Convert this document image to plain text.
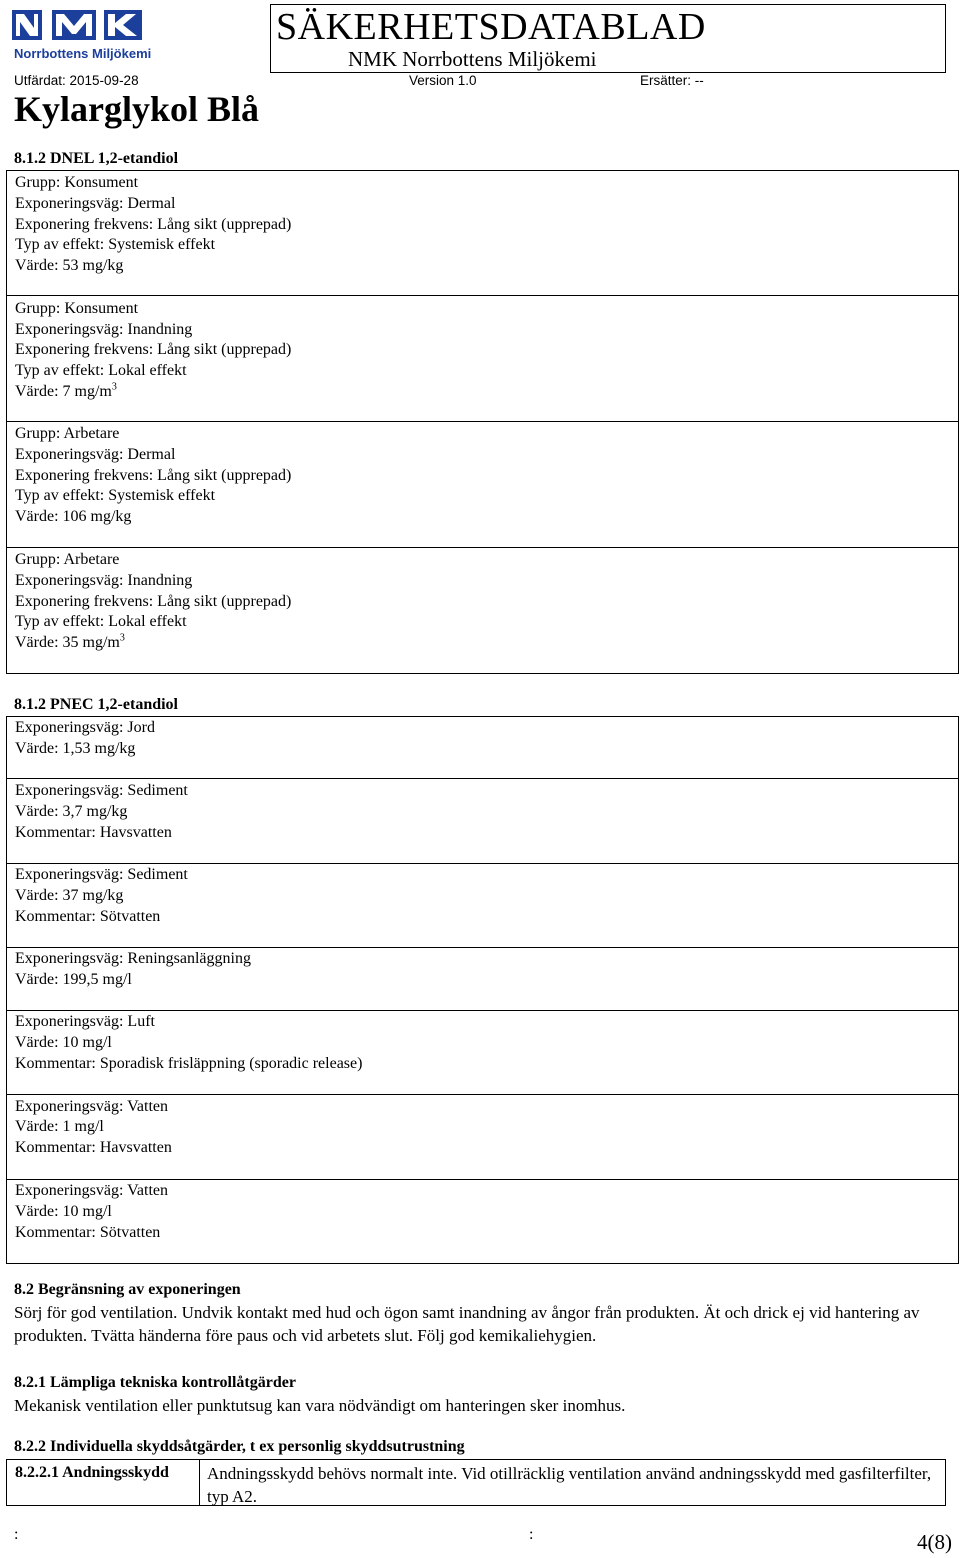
Norrbottens Miljökemi
SÄKERHETSDATABLAD
NMK Norrbottens Miljökemi
Utfärdat: 2015-09-28	Version 1.0	Ersätter: --
Kylarglykol Blå
8.1.2 DNEL 1,2-etandiol
Grupp: Konsument
Exponeringsväg: Dermal
Exponering frekvens: Lång sikt (upprepad)
Typ av effekt: Systemisk effekt
Värde: 53 mg/kg
Grupp: Konsument
Exponeringsväg: Inandning
Exponering frekvens: Lång sikt (upprepad)
Typ av effekt: Lokal effekt
Värde: 7 $mg/m^3$
Grupp: Arbetare
Exponeringsväg: Dermal
Exponering frekvens: Lång sikt (upprepad)
Typ av effekt: Systemisk effekt
Värde: 106 mg/kg
Grupp: Arbetare
Exponeringsväg: Inandning
Exponering frekvens: Lång sikt (upprepad)
Typ av effekt: Lokal effekt
Värde: 35 $mg/m^3$
8.1.2 PNEC 1,2-etandiol
Exponeringsväg: Jord
Värde: 1,53 mg/kg
Exponeringsväg: Sediment
Värde: 3,7 mg/kg
Kommentar: Havsvatten
Exponeringsväg: Sediment
Värde: 37 mg/kg
Kommentar: Sötvatten
Exponeringsväg: Reningsanläggning
Värde: 199,5 mg/l
Exponeringsväg: Luft
Värde: 10 mg/l
Kommentar: Sporadisk frisläppning (sporadic release)
Exponeringsväg: Vatten
Värde: 1 mg/l
Kommentar: Havsvatten
Exponeringsväg: Vatten
Värde: 10 mg/l
Kommentar: Sötvatten
8.2 Begränsning av exponeringen
Sörj för god ventilation. Undvik kontakt med hud och ögon samt inandning av ångor från produkten. Ät och drick ej vid hantering av produkten. Tvätta händerna före paus och vid arbetets slut. Följ god kemikaliehygien.
8.2.1 Lämpliga tekniska kontrollåtgärder
Mekanisk ventilation eller punktutsug kan vara nödvändigt om hanteringen sker inomhus.
8.2.2 Individuella skyddsåtgärder, t ex personlig skyddsutrustning
8.2.2.1 Andningsskydd	Andningsskydd behövs normalt inte. Vid otillräcklig ventilation använd andningsskydd med gasfilterfilter, typ A2.
:	:	4(8)
